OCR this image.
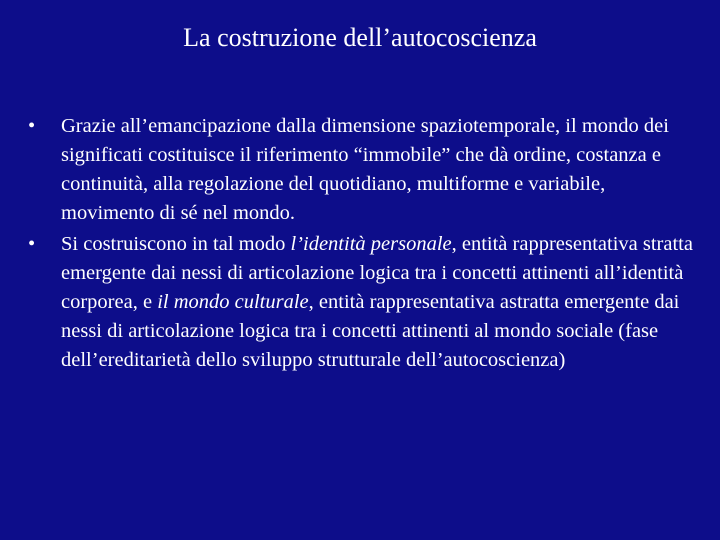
La costruzione dell’autocoscienza
•	Grazie all’emancipazione dalla dimensione spaziotemporale, il mondo dei significati costituisce il riferimento “immobile” che dà ordine, costanza e continuità, alla regolazione del quotidiano, multiforme e variabile, movimento di sé nel mondo.
•	Si costruiscono in tal modo l’identità personale, entità rappresentativa stratta emergente dai nessi di articolazione logica tra i concetti attinenti all’identità corporea, e il mondo culturale, entità rappresentativa astratta emergente dai nessi di articolazione logica tra i concetti attinenti al mondo sociale (fase dell’ereditarietà dello sviluppo strutturale dell’autocoscienza)
